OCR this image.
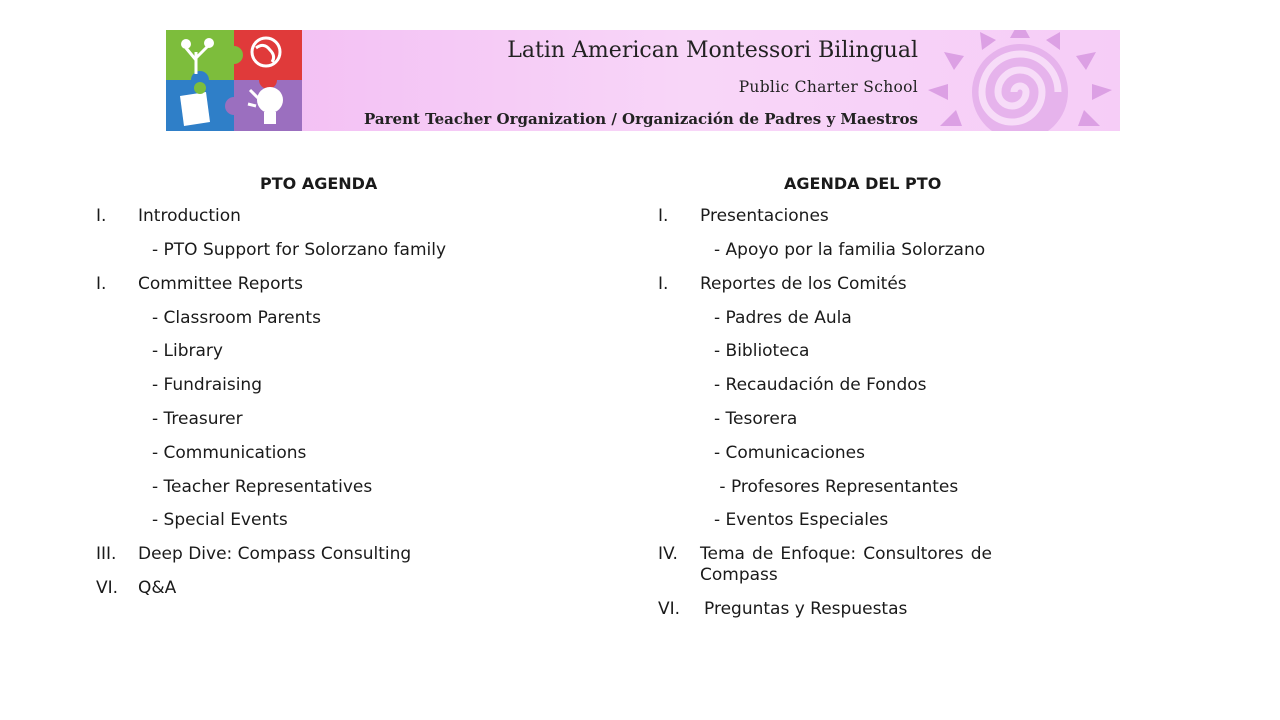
Latin American Montessori Bilingual
Public Charter School
Parent Teacher Organization / Organización de Padres y Maestros
PTO AGENDA
I. Introduction
- PTO Support for Solorzano family
I. Committee Reports
- Classroom Parents
- Library
- Fundraising
- Treasurer
- Communications
- Teacher Representatives
- Special Events
III. Deep Dive: Compass Consulting
VI. Q&A
AGENDA DEL PTO
I. Presentaciones
- Apoyo por la familia Solorzano
I. Reportes de los Comités
- Padres de Aula
- Biblioteca
- Recaudación de Fondos
- Tesorera
- Comunicaciones
- Profesores Representantes
- Eventos Especiales
IV. Tema de Enfoque: Consultores de Compass
VI. Preguntas y Respuestas
